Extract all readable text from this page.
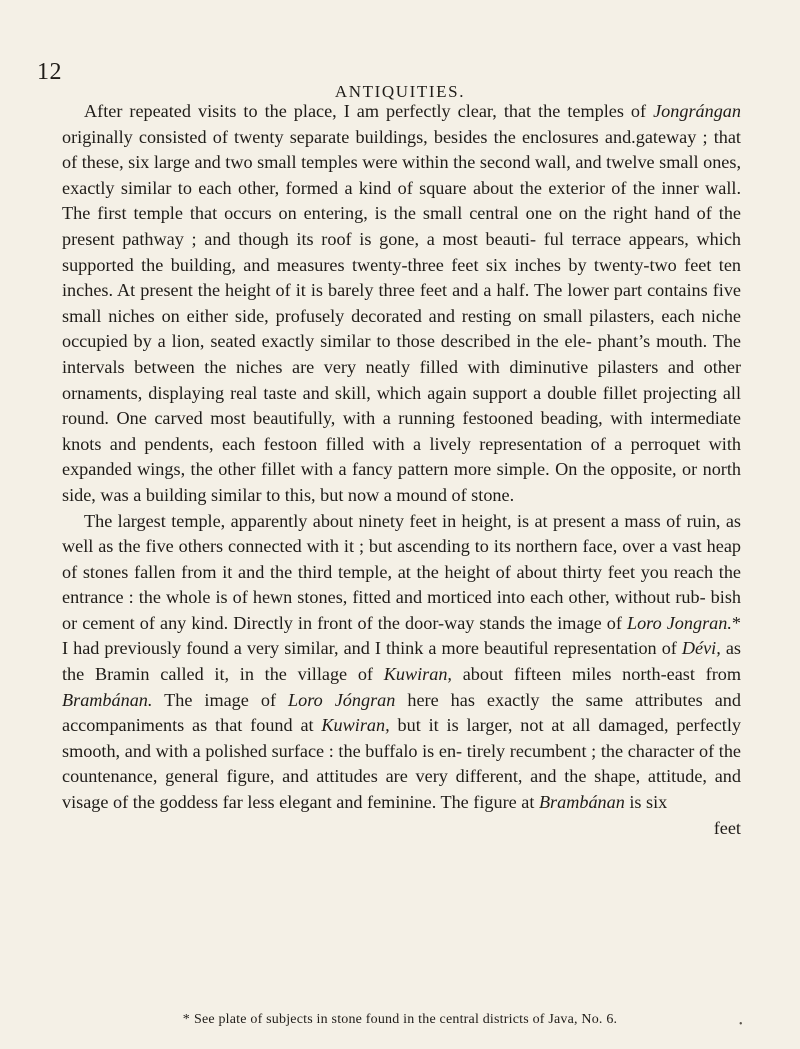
12
ANTIQUITIES.

After repeated visits to the place, I am perfectly clear, that the temples of Jongrángan originally consisted of twenty separate buildings, besides the enclosures and.gateway ; that of these, six large and two small temples were within the second wall, and twelve small ones, exactly similar to each other, formed a kind of square about the exterior of the inner wall. The first temple that occurs on entering, is the small central one on the right hand of the present pathway ; and though its roof is gone, a most beauti- ful terrace appears, which supported the building, and measures twenty-three feet six inches by twenty-two feet ten inches. At present the height of it is barely three feet and a half. The lower part contains five small niches on either side, profusely decorated and resting on small pilasters, each niche occupied by a lion, seated exactly similar to those described in the ele- phant’s mouth. The intervals between the niches are very neatly filled with diminutive pilasters and other ornaments, displaying real taste and skill, which again support a double fillet projecting all round. One carved most beautifully, with a running festooned beading, with intermediate knots and pendents, each festoon filled with a lively representation of a perroquet with expanded wings, the other fillet with a fancy pattern more simple. On the opposite, or north side, was a building similar to this, but now a mound of stone.

The largest temple, apparently about ninety feet in height, is at present a mass of ruin, as well as the five others connected with it ; but ascending to its northern face, over a vast heap of stones fallen from it and the third temple, at the height of about thirty feet you reach the entrance : the whole is of hewn stones, fitted and morticed into each other, without rub- bish or cement of any kind. Directly in front of the door-way stands the image of Loro Jongran.* I had previously found a very similar, and I think a more beautiful representation of Dévi, as the Bramin called it, in the village of Kuwiran, about fifteen miles north-east from Brambánan. The image of Loro Jóngran here has exactly the same attributes and accompaniments as that found at Kuwiran, but it is larger, not at all damaged, perfectly smooth, and with a polished surface : the buffalo is en- tirely recumbent ; the character of the countenance, general figure, and attitudes are very different, and the shape, attitude, and visage of the goddess far less elegant and feminine. The figure at Brambánan is six

feet
* See plate of subjects in stone found in the central districts of Java, No. 6.	•
